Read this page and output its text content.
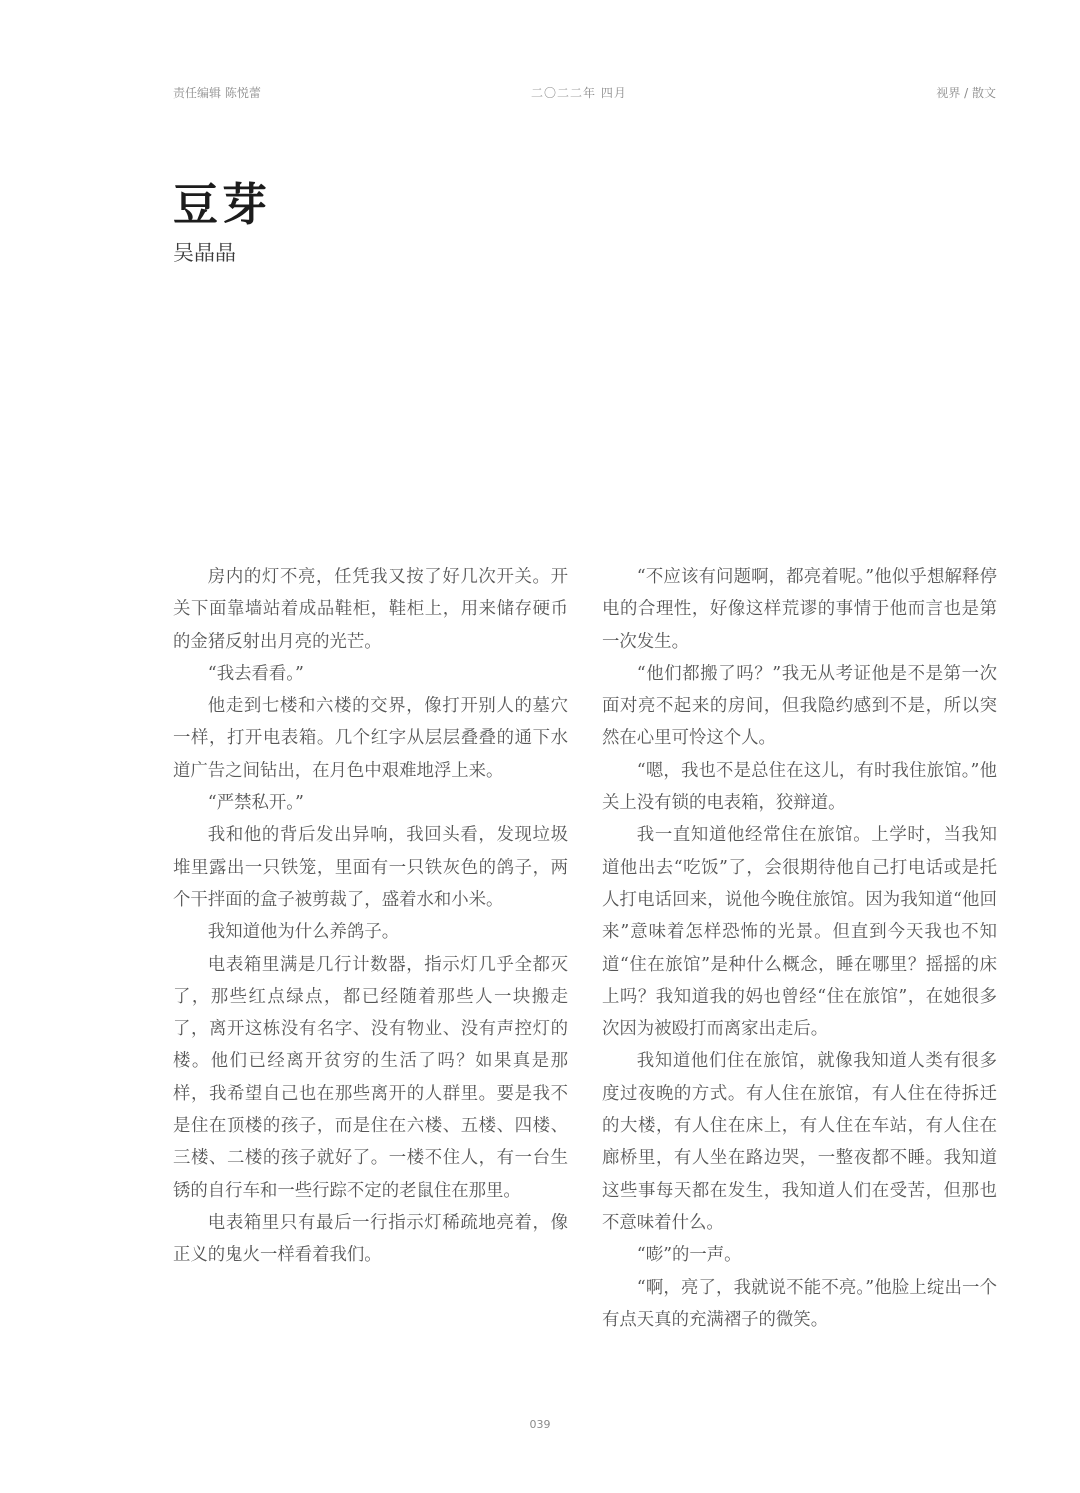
责任编辑 陈悦蕾	二〇二二年 四月	视界 / 散文
豆芽
吴晶晶

房内的灯不亮，任凭我又按了好几次开关。开关下面靠墙站着成品鞋柜，鞋柜上，用来储存硬币的金猪反射出月亮的光芒。

“我去看看。”

他走到七楼和六楼的交界，像打开别人的墓穴一样，打开电表箱。几个红字从层层叠叠的通下水道广告之间钻出，在月色中艰难地浮上来。

“严禁私开。”

我和他的背后发出异响，我回头看，发现垃圾堆里露出一只铁笼，里面有一只铁灰色的鸽子，两个干拌面的盒子被剪裁了，盛着水和小米。

我知道他为什么养鸽子。

电表箱里满是几行计数器，指示灯几乎全都灭了，那些红点绿点，都已经随着那些人一块搬走了，离开这栋没有名字、没有物业、没有声控灯的楼。他们已经离开贫穷的生活了吗？如果真是那样，我希望自己也在那些离开的人群里。要是我不是住在顶楼的孩子，而是住在六楼、五楼、四楼、三楼、二楼的孩子就好了。一楼不住人，有一台生锈的自行车和一些行踪不定的老鼠住在那里。

电表箱里只有最后一行指示灯稀疏地亮着，像正义的鬼火一样看着我们。

“不应该有问题啊，都亮着呢。”他似乎想解释停电的合理性，好像这样荒谬的事情于他而言也是第一次发生。

“他们都搬了吗？”我无从考证他是不是第一次面对亮不起来的房间，但我隐约感到不是，所以突然在心里可怜这个人。

“嗯，我也不是总住在这儿，有时我住旅馆。”他关上没有锁的电表箱，狡辩道。

我一直知道他经常住在旅馆。上学时，当我知道他出去“吃饭”了，会很期待他自己打电话或是托人打电话回来，说他今晚住旅馆。因为我知道“他回来”意味着怎样恐怖的光景。但直到今天我也不知道“住在旅馆”是种什么概念，睡在哪里？摇摇的床上吗？我知道我的妈也曾经“住在旅馆”，在她很多次因为被殴打而离家出走后。

我知道他们住在旅馆，就像我知道人类有很多度过夜晚的方式。有人住在旅馆，有人住在待拆迁的大楼，有人住在床上，有人住在车站，有人住在廊桥里，有人坐在路边哭，一整夜都不睡。我知道这些事每天都在发生，我知道人们在受苦，但那也不意味着什么。

“嘭”的一声。

“啊，亮了，我就说不能不亮。”他脸上绽出一个有点天真的充满褶子的微笑。

039
